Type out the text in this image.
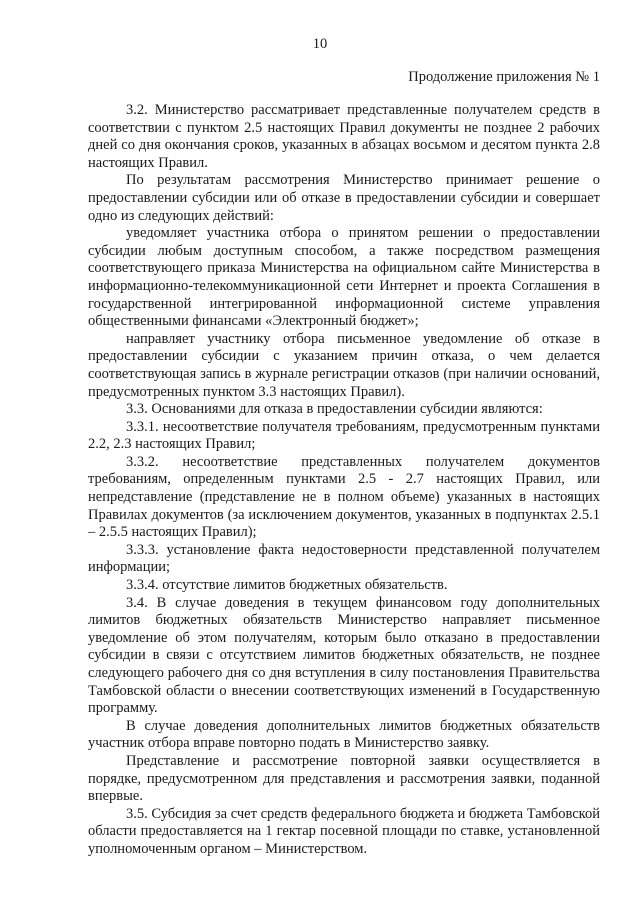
10
Продолжение приложения № 1

3.2. Министерство рассматривает представленные получателем средств в соответствии с пунктом 2.5 настоящих Правил документы не позднее 2 рабочих дней со дня окончания сроков, указанных в абзацах восьмом и десятом пункта 2.8 настоящих Правил.

По результатам рассмотрения Министерство принимает решение о предоставлении субсидии или об отказе в предоставлении субсидии и совершает одно из следующих действий:

уведомляет участника отбора о принятом решении о предоставлении субсидии любым доступным способом, а также посредством размещения соответствующего приказа Министерства на официальном сайте Министерства в информационно-телекоммуникационной сети Интернет и проекта Соглашения в государственной интегрированной информационной системе управления общественными финансами «Электронный бюджет»;

направляет участнику отбора письменное уведомление об отказе в предоставлении субсидии с указанием причин отказа, о чем делается соответствующая запись в журнале регистрации отказов (при наличии оснований, предусмотренных пунктом 3.3 настоящих Правил).

3.3. Основаниями для отказа в предоставлении субсидии являются:

3.3.1. несоответствие получателя требованиям, предусмотренным пунктами 2.2, 2.3 настоящих Правил;

3.3.2. несоответствие представленных получателем документов требованиям, определенным пунктами 2.5 - 2.7 настоящих Правил, или непредставление (представление не в полном объеме) указанных в настоящих Правилах документов (за исключением документов, указанных в подпунктах 2.5.1 – 2.5.5 настоящих Правил);

3.3.3. установление факта недостоверности представленной получателем информации;

3.3.4. отсутствие лимитов бюджетных обязательств.

3.4. В случае доведения в текущем финансовом году дополнительных лимитов бюджетных обязательств Министерство направляет письменное уведомление об этом получателям, которым было отказано в предоставлении субсидии в связи с отсутствием лимитов бюджетных обязательств, не позднее следующего рабочего дня со дня вступления в силу постановления Правительства Тамбовской области о внесении соответствующих изменений в Государственную программу.

В случае доведения дополнительных лимитов бюджетных обязательств участник отбора вправе повторно подать в Министерство заявку.

Представление и рассмотрение повторной заявки осуществляется в порядке, предусмотренном для представления и рассмотрения заявки, поданной впервые.

3.5. Субсидия за счет средств федерального бюджета и бюджета Тамбовской области предоставляется на 1 гектар посевной площади по ставке, установленной уполномоченным органом – Министерством.
